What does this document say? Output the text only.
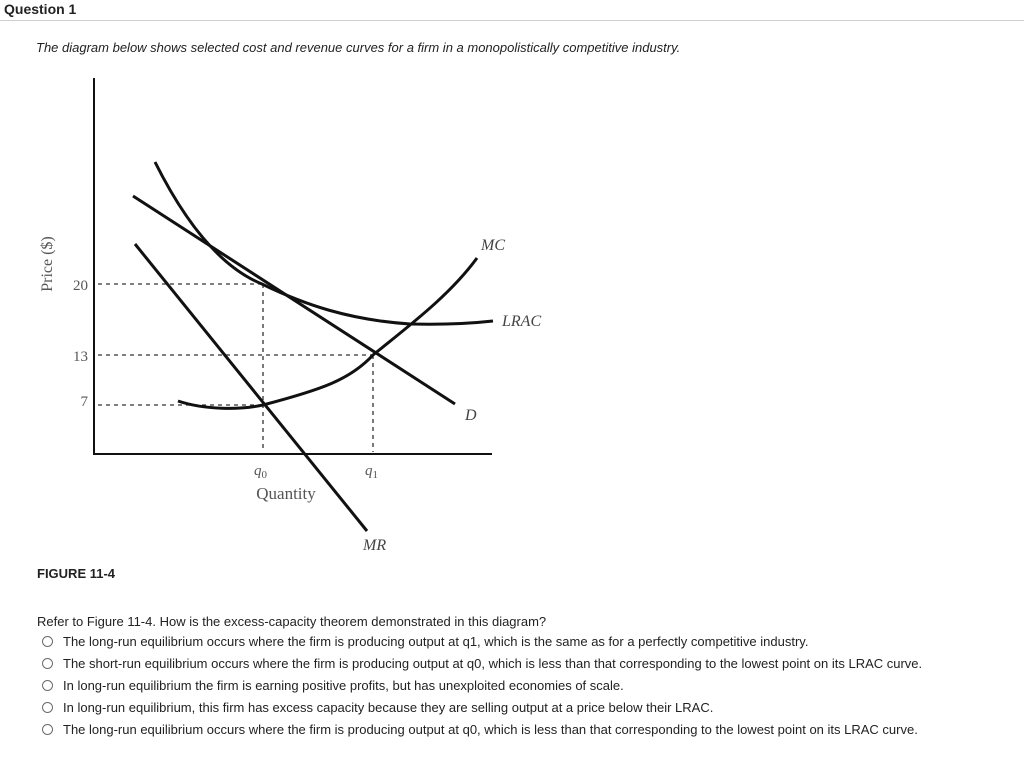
Question 1
The diagram below shows selected cost and revenue curves for a firm in a monopolistically competitive industry.
Price ($) 20
13
7
$q_0$	$q_1$
Quantity
MC
LRAC
D
MR
FIGURE 11-4
Refer to Figure 11-4. How is the excess-capacity theorem demonstrated in this diagram?
The long-run equilibrium occurs where the firm is producing output at q1, which is the same as for a perfectly competitive industry.
The short-run equilibrium occurs where the firm is producing output at q0, which is less than that corresponding to the lowest point on its LRAC curve.
In long-run equilibrium the firm is earning positive profits, but has unexploited economies of scale.
In long-run equilibrium, this firm has excess capacity because they are selling output at a price below their LRAC.
The long-run equilibrium occurs where the firm is producing output at q0, which is less than that corresponding to the lowest point on its LRAC curve.
